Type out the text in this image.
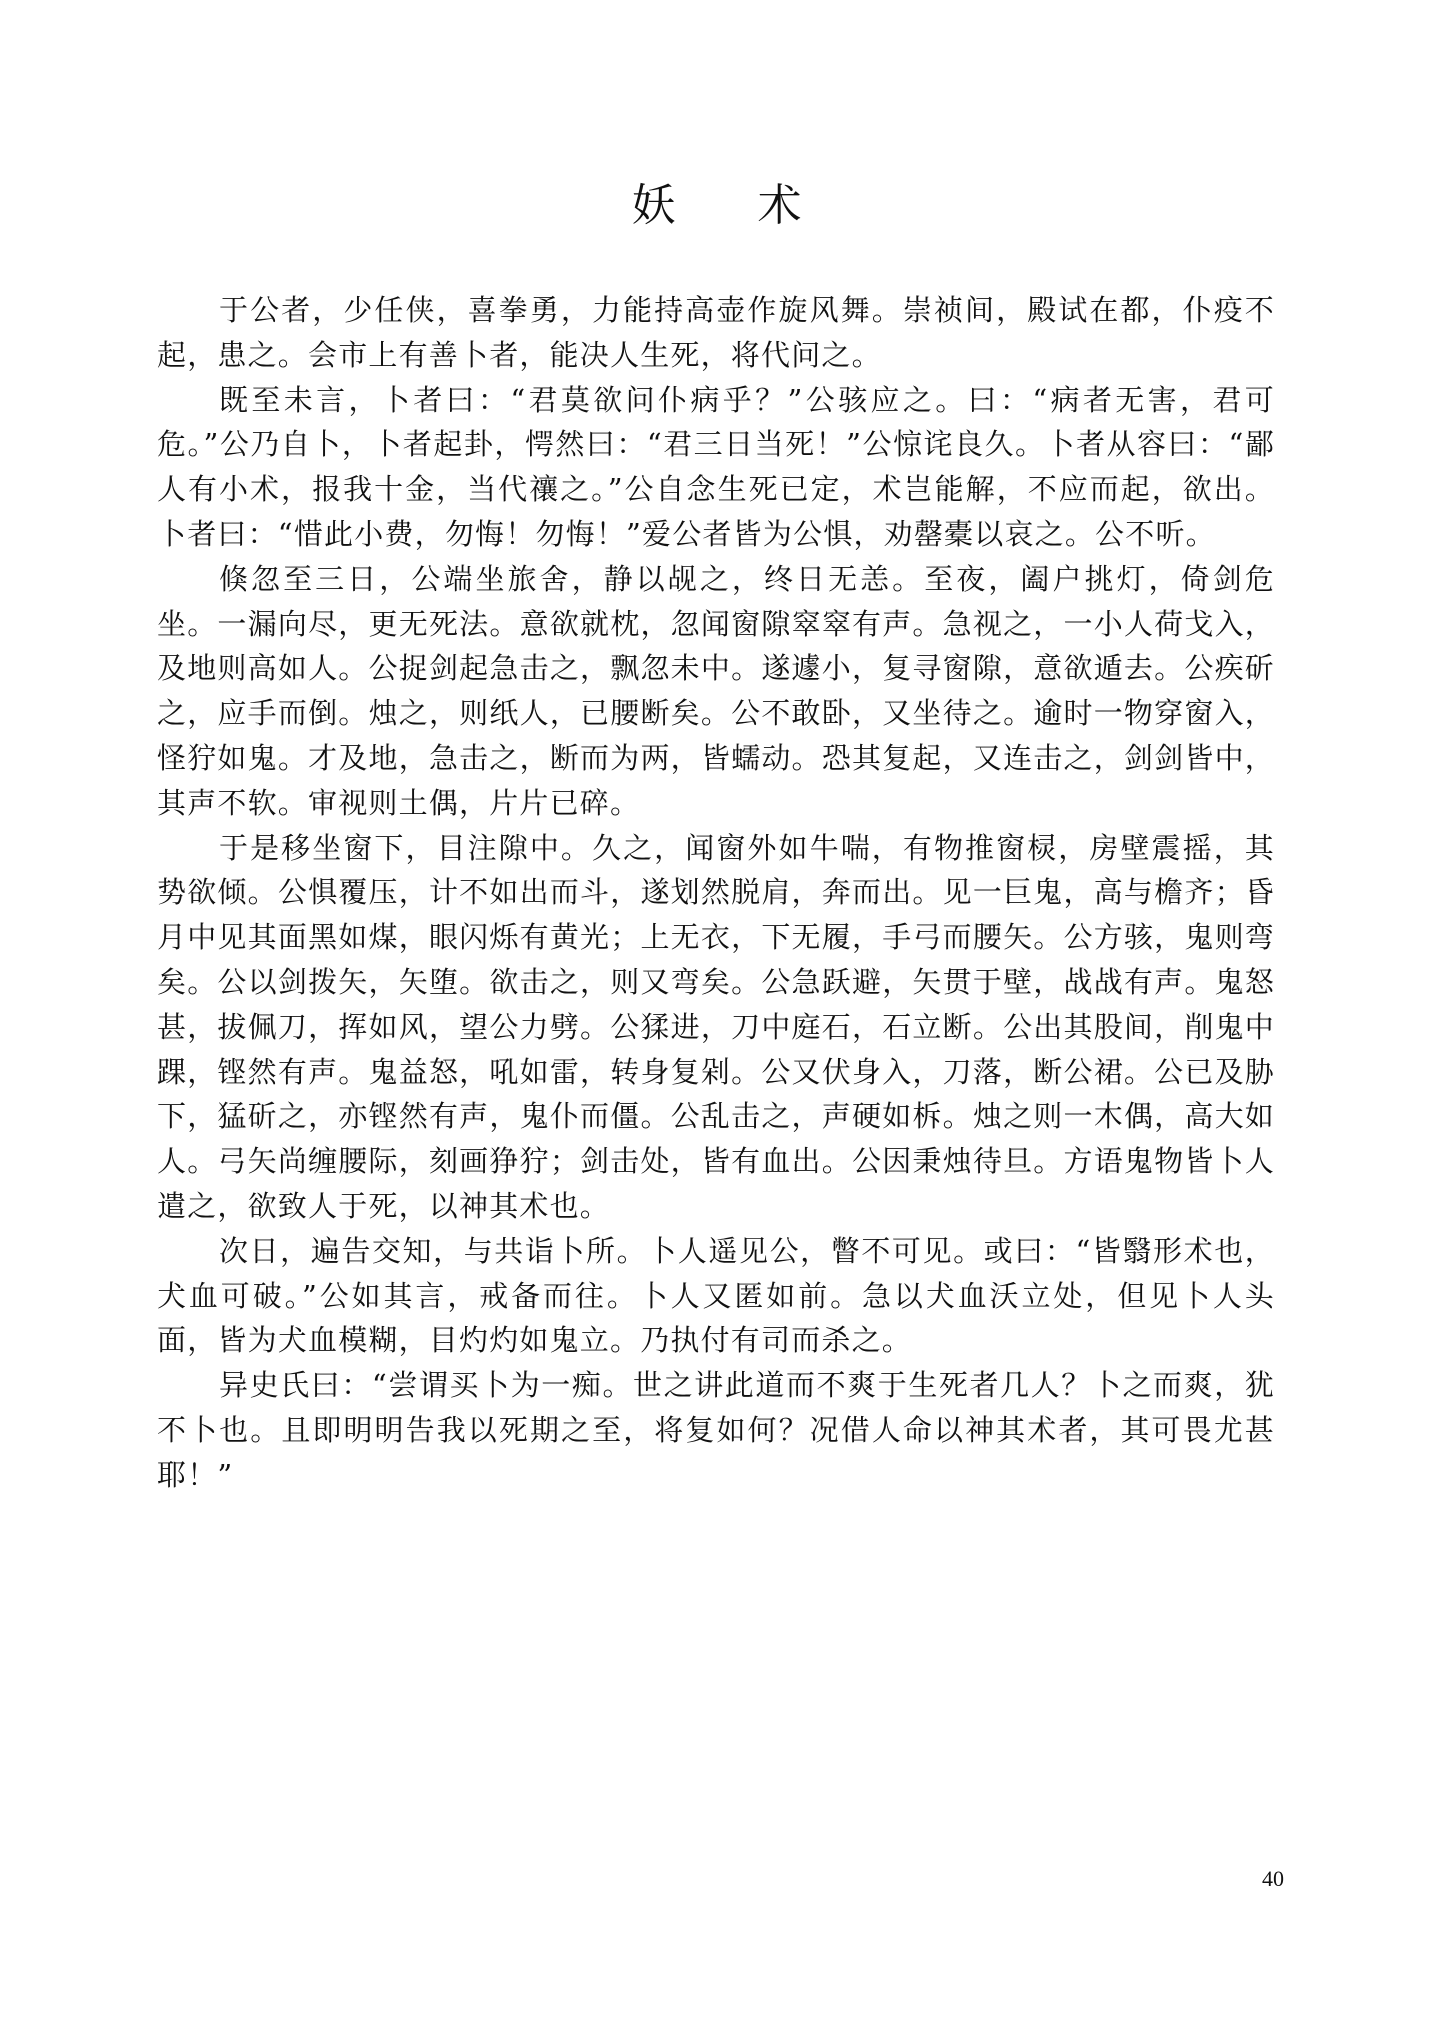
妖 术

于公者，少任侠，喜拳勇，力能持高壶作旋风舞。崇祯间，殿试在都，仆疫不起，患之。会市上有善卜者，能决人生死，将代问之。

既至未言，卜者曰：“君莫欲问仆病乎？”公骇应之。曰：“病者无害，君可危。”公乃自卜，卜者起卦，愕然曰：“君三日当死！”公惊诧良久。卜者从容曰：“鄙人有小术，报我十金，当代禳之。”公自念生死已定，术岂能解，不应而起，欲出。卜者曰：“惜此小费，勿悔！勿悔！”爱公者皆为公惧，劝罄橐以哀之。公不听。

倏忽至三日，公端坐旅舍，静以觇之，终日无恙。至夜，阖户挑灯，倚剑危坐。一漏向尽，更无死法。意欲就枕，忽闻窗隙窣窣有声。急视之，一小人荷戈入，及地则高如人。公捉剑起急击之，飘忽未中。遂遽小，复寻窗隙，意欲遁去。公疾斫之，应手而倒。烛之，则纸人，已腰断矣。公不敢卧，又坐待之。逾时一物穿窗入，怪狞如鬼。才及地，急击之，断而为两，皆蠕动。恐其复起，又连击之，剑剑皆中，其声不软。审视则土偶，片片已碎。

于是移坐窗下，目注隙中。久之，闻窗外如牛喘，有物推窗棂，房壁震摇，其势欲倾。公惧覆压，计不如出而斗，遂划然脱肩，奔而出。见一巨鬼，高与檐齐；昏月中见其面黑如煤，眼闪烁有黄光；上无衣，下无履，手弓而腰矢。公方骇，鬼则弯矣。公以剑拨矢，矢堕。欲击之，则又弯矣。公急跃避，矢贯于壁，战战有声。鬼怒甚，拔佩刀，挥如风，望公力劈。公猱进，刀中庭石，石立断。公出其股间，削鬼中踝，铿然有声。鬼益怒，吼如雷，转身复剁。公又伏身入，刀落，断公裙。公已及胁下，猛斫之，亦铿然有声，鬼仆而僵。公乱击之，声硬如柝。烛之则一木偶，高大如人。弓矢尚缠腰际，刻画狰狞；剑击处，皆有血出。公因秉烛待旦。方语鬼物皆卜人遣之，欲致人于死，以神其术也。

次日，遍告交知，与共诣卜所。卜人遥见公，瞥不可见。或曰：“皆翳形术也，犬血可破。”公如其言，戒备而往。卜人又匿如前。急以犬血沃立处，但见卜人头面，皆为犬血模糊，目灼灼如鬼立。乃执付有司而杀之。

异史氏曰：“尝谓买卜为一痴。世之讲此道而不爽于生死者几人？卜之而爽，犹不卜也。且即明明告我以死期之至，将复如何？况借人命以神其术者，其可畏尤甚耶！”

40
